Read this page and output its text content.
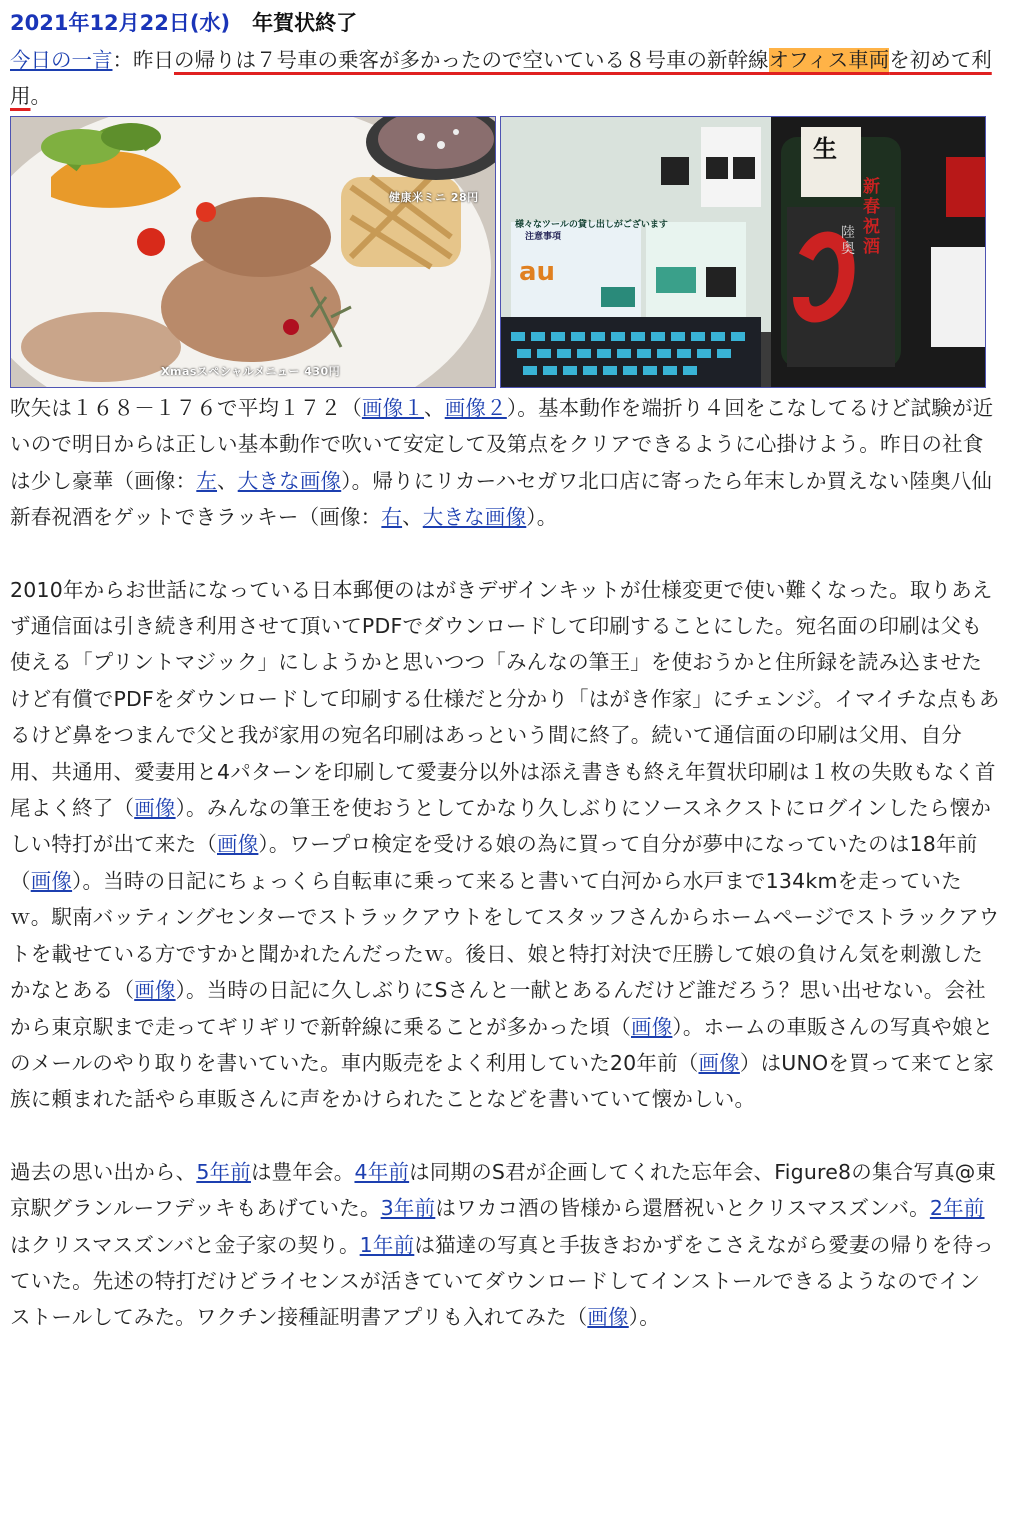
2021年12月22日(水) 年賀状終了
今日の一言：昨日の帰りは７号車の乗客が多かったので空いている８号車の新幹線オフィス車両を初めて利用。
健康米ミニ 28円
Xmasスペシャルメニュー 430円
注意事項
様々なツールの貸し出しがございます
au
生
新春祝酒
陸奥

吹矢は１６８－１７６で平均１７２（画像１、画像２）。基本動作を端折り４回をこなしてるけど試験が近いので明日からは正しい基本動作で吹いて安定して及第点をクリアできるように心掛けよう。昨日の社食は少し豪華（画像：左、大きな画像）。帰りにリカーハセガワ北口店に寄ったら年末しか買えない陸奥八仙新春祝酒をゲットできラッキー（画像：右、大きな画像）。

2010年からお世話になっている日本郵便のはがきデザインキットが仕様変更で使い難くなった。取りあえず通信面は引き続き利用させて頂いてPDFでダウンロードして印刷することにした。宛名面の印刷は父も使える「プリントマジック」にしようかと思いつつ「みんなの筆王」を使おうかと住所録を読み込ませたけど有償でPDFをダウンロードして印刷する仕様だと分かり「はがき作家」にチェンジ。イマイチな点もあるけど鼻をつまんで父と我が家用の宛名印刷はあっという間に終了。続いて通信面の印刷は父用、自分用、共通用、愛妻用と4パターンを印刷して愛妻分以外は添え書きも終え年賀状印刷は１枚の失敗もなく首尾よく終了（画像）。みんなの筆王を使おうとしてかなり久しぶりにソースネクストにログインしたら懐かしい特打が出て来た（画像）。ワープロ検定を受ける娘の為に買って自分が夢中になっていたのは18年前（画像）。当時の日記にちょっくら自転車に乗って来ると書いて白河から水戸まで134kmを走っていたｗ。駅南バッティングセンターでストラックアウトをしてスタッフさんからホームページでストラックアウトを載せている方ですかと聞かれたんだったｗ。後日、娘と特打対決で圧勝して娘の負けん気を刺激したかなとある（画像）。当時の日記に久しぶりにSさんと一献とあるんだけど誰だろう？思い出せない。会社から東京駅まで走ってギリギリで新幹線に乗ることが多かった頃（画像）。ホームの車販さんの写真や娘とのメールのやり取りを書いていた。車内販売をよく利用していた20年前（画像）はUNOを買って来てと家族に頼まれた話やら車販さんに声をかけられたことなどを書いていて懐かしい。

過去の思い出から、5年前は豊年会。4年前は同期のS君が企画してくれた忘年会、Figure8の集合写真@東京駅グランルーフデッキもあげていた。3年前はワカコ酒の皆様から還暦祝いとクリスマスズンバ。2年前はクリスマスズンバと金子家の契り。1年前は猫達の写真と手抜きおかずをこさえながら愛妻の帰りを待っていた。先述の特打だけどライセンスが活きていてダウンロードしてインストールできるようなのでインストールしてみた。ワクチン接種証明書アプリも入れてみた（画像）。
